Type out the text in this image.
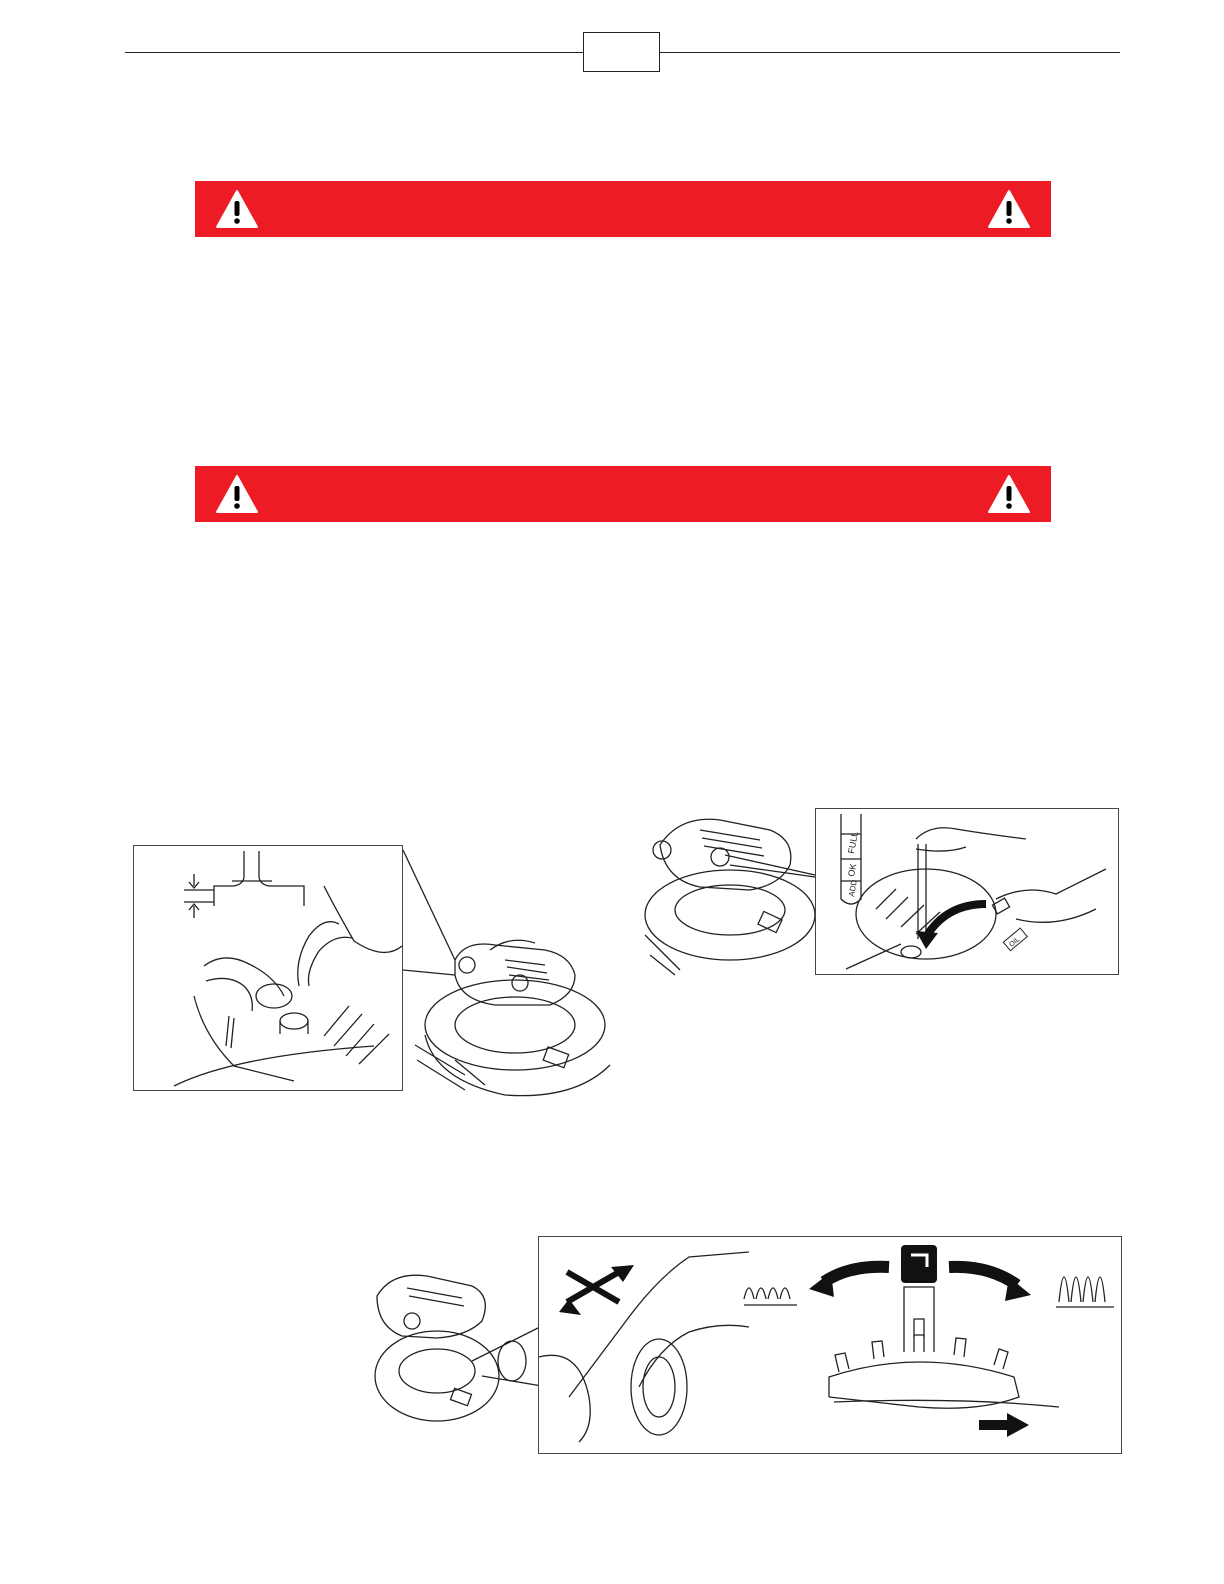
FULL
OK
ADD
OIL
